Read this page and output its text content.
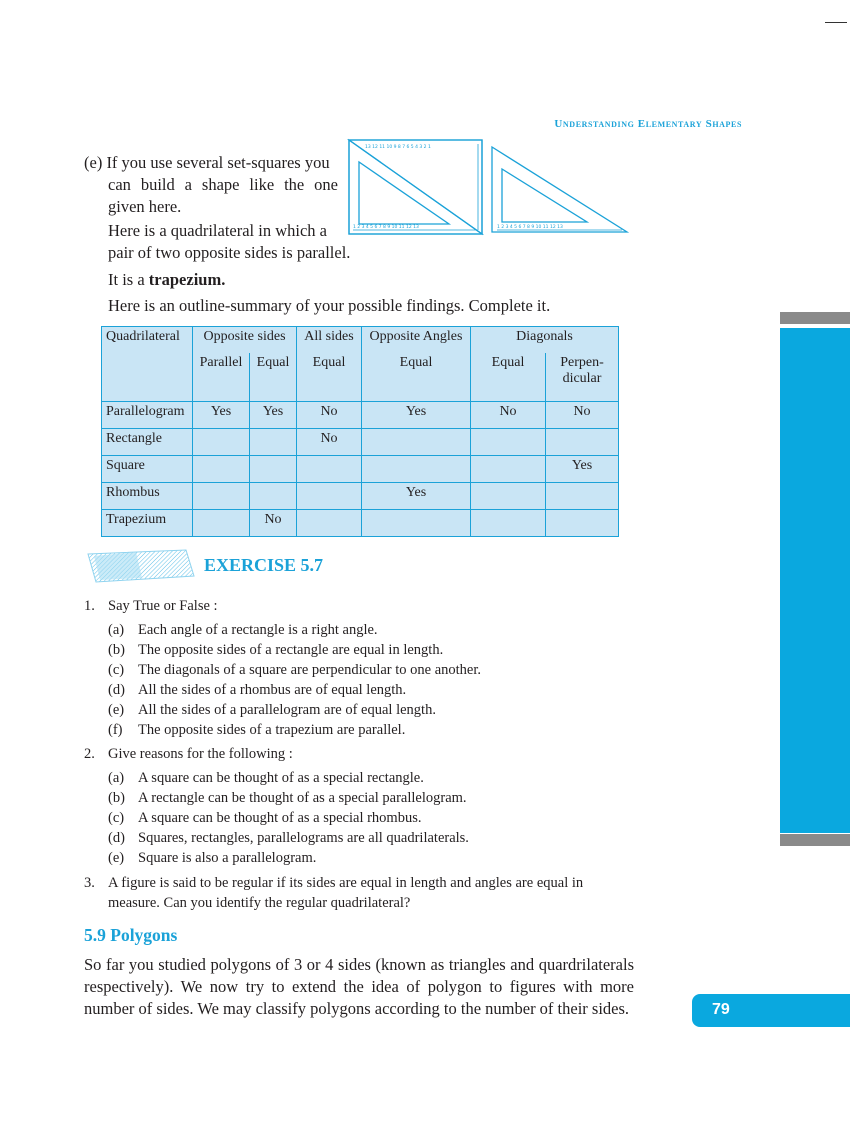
Understanding Elementary Shapes
(e) If you use several set-squares you
can build a shape like the one
given here.
Here is a quadrilateral in which a
pair of two opposite sides is parallel.
It is a trapezium.
Here is an outline-summary of your possible findings. Complete it.
1 2 3 4 5 6 7 8 9 10 11 12 13	1 2 3 4 5 6 7 8 9 10 11 12 13
13 12 11 10 9 8 7 6 5 4 3 2 1
Quadrilateral	Opposite sides		All sides	Opposite Angles	Diagonals	
	Parallel	Equal	Equal	Equal	Equal	Perpen-
dicular
Parallelogram	Yes	Yes	No	Yes	No	No
Rectangle			No			
Square						Yes
Rhombus				Yes		
Trapezium		No				
EXERCISE 5.7
1. Say True or False :
(a) Each angle of a rectangle is a right angle.
(b) The opposite sides of a rectangle are equal in length.
(c) The diagonals of a square are perpendicular to one another.
(d) All the sides of a rhombus are of equal length.
(e) All the sides of a parallelogram are of equal length.
(f) The opposite sides of a trapezium are parallel.
2. Give reasons for the following :
(a) A square can be thought of as a special rectangle.
(b) A rectangle can be thought of as a special parallelogram.
(c) A square can be thought of as a special rhombus.
(d) Squares, rectangles, parallelograms are all quadrilaterals.
(e) Square is also a parallelogram.
3. A figure is said to be regular if its sides are equal in length and angles are equal in
measure. Can you identify the regular quadrilateral?
5.9 Polygons
So far you studied polygons of 3 or 4 sides (known as triangles and quardrilaterals respectively). We now try to extend the idea of polygon to figures with more number of sides. We may classify polygons according to the number of their sides.	79
